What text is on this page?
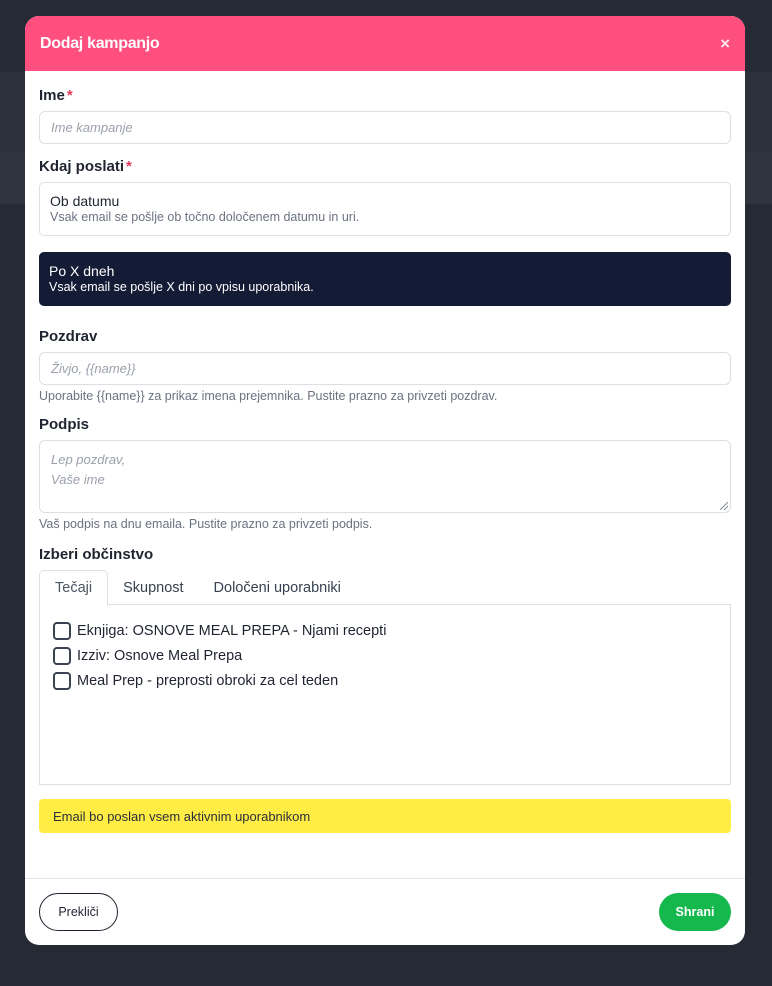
Dodaj kampanjo	×
Ime *
Ime kampanje
Kdaj poslati *
Ob datumu
Vsak email se pošlje ob točno določenem datumu in uri.
Po X dneh
Vsak email se pošlje X dni po vpisu uporabnika.
Pozdrav
Živjo, {{name}}
Uporabite {{name}} za prikaz imena prejemnika. Pustite prazno za privzeti pozdrav.
Podpis
Lep pozdrav,
Vaše ime
Vaš podpis na dnu emaila. Pustite prazno za privzeti podpis.
Izberi občinstvo
Tečaji	Skupnost	Določeni uporabniki
Eknjiga: OSNOVE MEAL PREPA - Njami recepti
Izziv: Osnove Meal Prepa
Meal Prep - preprosti obroki za cel teden
Email bo poslan vsem aktivnim uporabnikom
Prekliči	Shrani
